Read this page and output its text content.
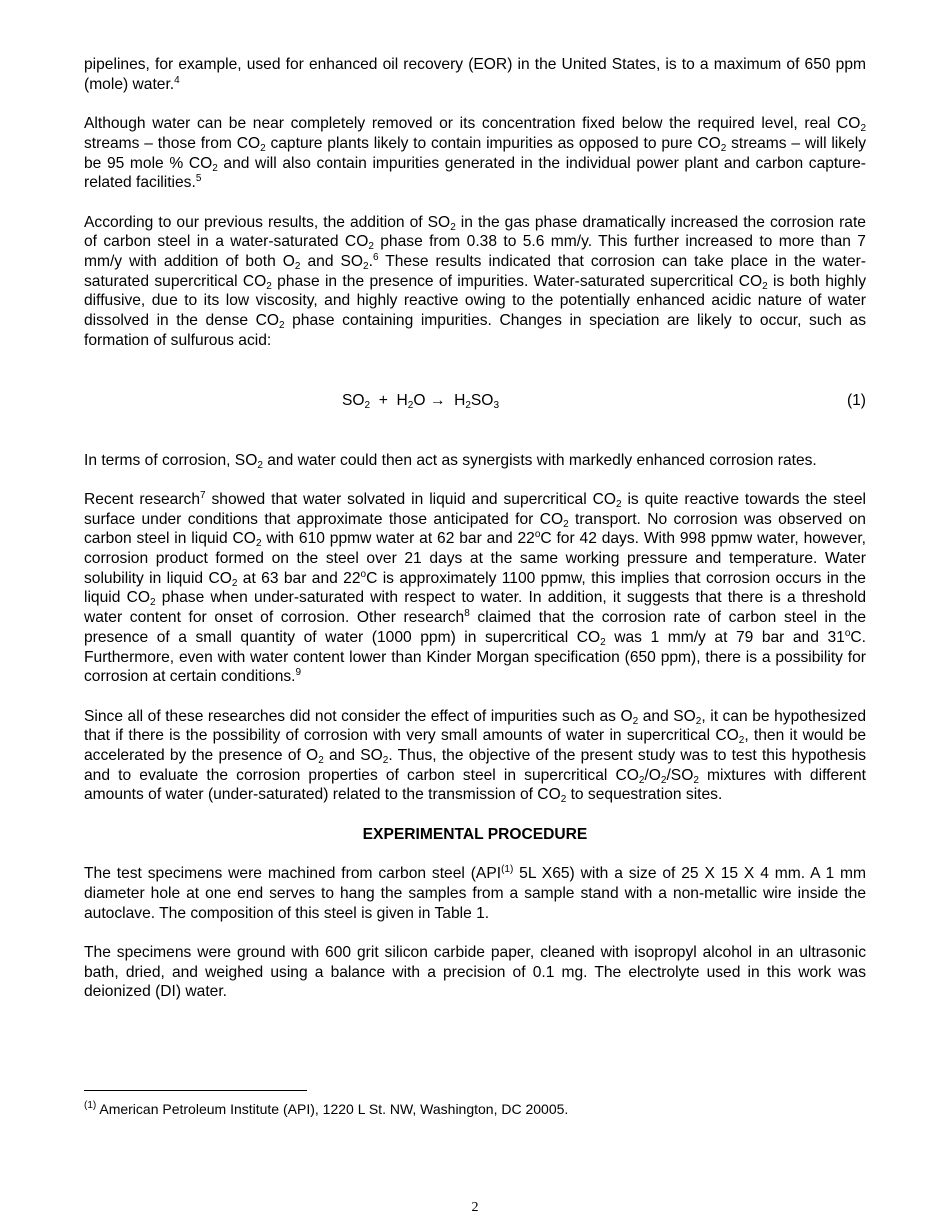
pipelines, for example, used for enhanced oil recovery (EOR) in the United States, is to a maximum of 650 ppm (mole) water.$^4$

Although water can be near completely removed or its concentration fixed below the required level, real $CO_2$ streams – those from $CO_2$ capture plants likely to contain impurities as opposed to pure $CO_2$ streams – will likely be 95 mole % $CO_2$ and will also contain impurities generated in the individual power plant and carbon capture-related facilities.$^5$

According to our previous results, the addition of $SO_2$ in the gas phase dramatically increased the corrosion rate of carbon steel in a water-saturated $CO_2$ phase from 0.38 to 5.6 mm/y. This further increased to more than 7 mm/y with addition of both $O_2$ and $SO_2.^6$ These results indicated that corrosion can take place in the water-saturated supercritical $CO_2$ phase in the presence of impurities. Water-saturated supercritical $CO_2$ is both highly diffusive, due to its low viscosity, and highly reactive owing to the potentially enhanced acidic nature of water dissolved in the dense $CO_2$ phase containing impurities. Changes in speciation are likely to occur, such as formation of sulfurous acid:

$SO_2 + H_2O \to H_2SO_3$	(1)

In terms of corrosion, $SO_2$ and water could then act as synergists with markedly enhanced corrosion rates.

Recent research$^7$ showed that water solvated in liquid and supercritical $CO_2$ is quite reactive towards the steel surface under conditions that approximate those anticipated for $CO_2$ transport. No corrosion was observed on carbon steel in liquid $CO_2$ with 610 ppmw water at 62 bar and 22$^o$C for 42 days. With 998 ppmw water, however, corrosion product formed on the steel over 21 days at the same working pressure and temperature. Water solubility in liquid $CO_2$ at 63 bar and 22$^o$C is approximately 1100 ppmw, this implies that corrosion occurs in the liquid $CO_2$ phase when under-saturated with respect to water. In addition, it suggests that there is a threshold water content for onset of corrosion. Other research$^8$ claimed that the corrosion rate of carbon steel in the presence of a small quantity of water (1000 ppm) in supercritical $CO_2$ was 1 mm/y at 79 bar and 31$^o$C. Furthermore, even with water content lower than Kinder Morgan specification (650 ppm), there is a possibility for corrosion at certain conditions.$^9$

Since all of these researches did not consider the effect of impurities such as $O_2$ and $SO_2$, it can be hypothesized that if there is the possibility of corrosion with very small amounts of water in supercritical $CO_2$, then it would be accelerated by the presence of $O_2$ and $SO_2$. Thus, the objective of the present study was to test this hypothesis and to evaluate the corrosion properties of carbon steel in supercritical $CO_2/O_2/SO_2$ mixtures with different amounts of water (under-saturated) related to the transmission of $CO_2$ to sequestration sites.

EXPERIMENTAL PROCEDURE

The test specimens were machined from carbon steel (API$^{(1)}$ 5L X65) with a size of 25 X 15 X 4 mm. A 1 mm diameter hole at one end serves to hang the samples from a sample stand with a non-metallic wire inside the autoclave. The composition of this steel is given in Table 1.

The specimens were ground with 600 grit silicon carbide paper, cleaned with isopropyl alcohol in an ultrasonic bath, dried, and weighed using a balance with a precision of 0.1 mg. The electrolyte used in this work was deionized (DI) water.

$^{(1)}$ American Petroleum Institute (API), 1220 L St. NW, Washington, DC 20005.
2
